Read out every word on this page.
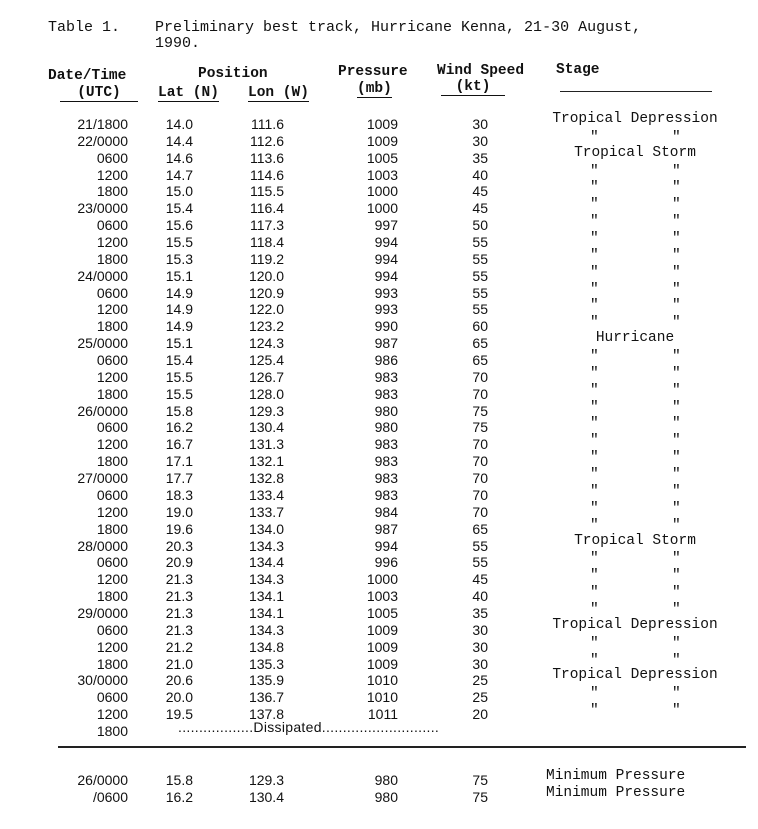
Table 1. Preliminary best track, Hurricane Kenna, 21-30 August,
1990.
Date/Time
(UTC)
Position
Lat (N) Lon (W)
Pressure
(mb)
Wind Speed
(kt)
Stage
21/1800	14.0	111.6	1009	30	Tropical Depression
22/0000	14.4	112.6	1009	30	"	"
0600	14.6	113.6	1005	35	Tropical Storm
1200	14.7	114.6	1003	40	"	"
1800	15.0	115.5	1000	45	"	"
23/0000	15.4	116.4	1000	45	"	"
0600	15.6	117.3	997	50	"	"
1200	15.5	118.4	994	55	"	"
1800	15.3	119.2	994	55	"	"
24/0000	15.1	120.0	994	55	"	"
0600	14.9	120.9	993	55	"	"
1200	14.9	122.0	993	55	"	"
1800	14.9	123.2	990	60	"	"
25/0000	15.1	124.3	987	65	Hurricane
0600	15.4	125.4	986	65	"	"
1200	15.5	126.7	983	70	"	"
1800	15.5	128.0	983	70	"	"
26/0000	15.8	129.3	980	75	"	"
0600	16.2	130.4	980	75	"	"
1200	16.7	131.3	983	70	"	"
1800	17.1	132.1	983	70	"	"
27/0000	17.7	132.8	983	70	"	"
0600	18.3	133.4	983	70	"	"
1200	19.0	133.7	984	70	"	"
1800	19.6	134.0	987	65	"	"
28/0000	20.3	134.3	994	55	Tropical Storm
0600	20.9	134.4	996	55	"	"
1200	21.3	134.3	1000	45	"	"
1800	21.3	134.1	1003	40	"	"
29/0000	21.3	134.1	1005	35	"	"
0600	21.3	134.3	1009	30	Tropical Depression
1200	21.2	134.8	1009	30	"	"
1800	21.0	135.3	1009	30	"	"
30/0000	20.6	135.9	1010	25	Tropical Depression
0600	20.0	136.7	1010	25	"	"
1200	19.5	137.8	1011	20	"	"
1800	..................Dissipated............................
26/0000	15.8	129.3	980	75	Minimum Pressure
/0600	16.2	130.4	980	75	Minimum Pressure
